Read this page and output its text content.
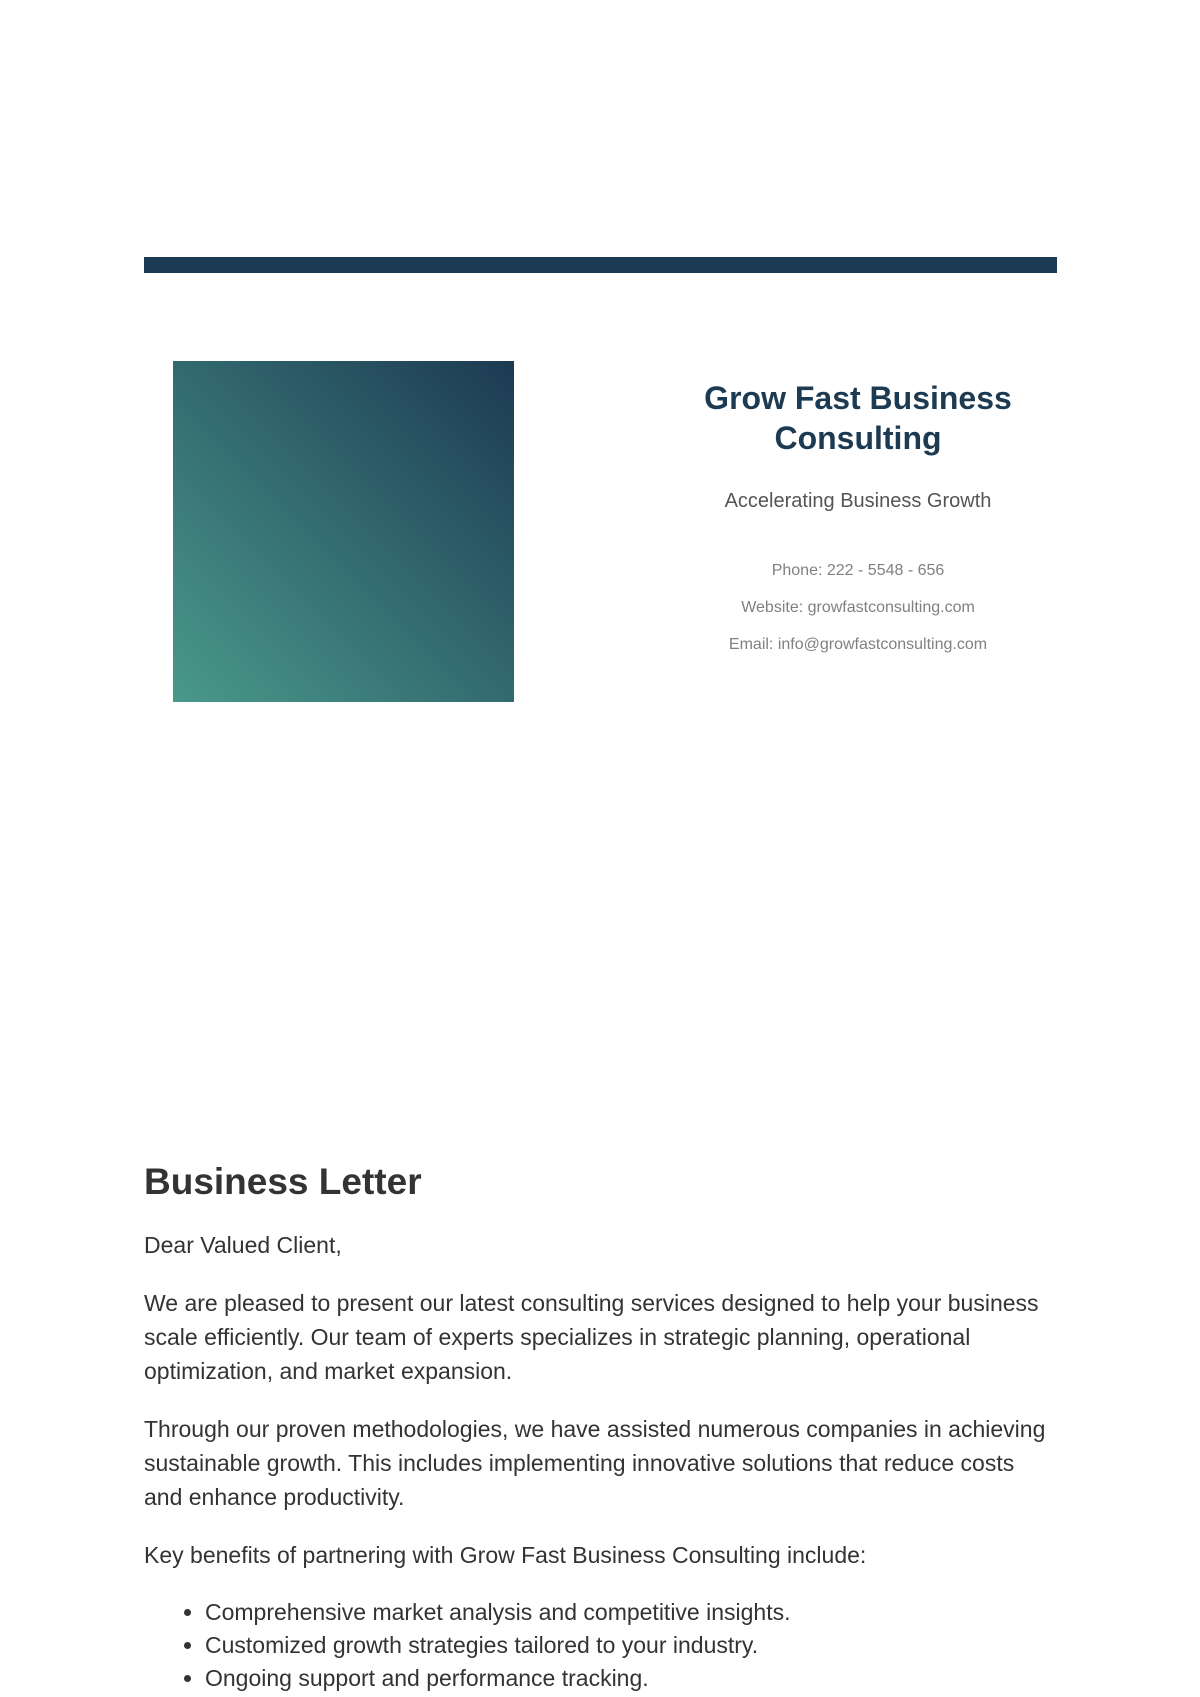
Grow Fast Business Consulting
Accelerating Business Growth
Phone: 222 - 5548 - 656
Website: growfastconsulting.com
Email: info@growfastconsulting.com
Business Letter

Dear Valued Client,

We are pleased to present our latest consulting services designed to help your business scale efficiently. Our team of experts specializes in strategic planning, operational optimization, and market expansion.

Through our proven methodologies, we have assisted numerous companies in achieving sustainable growth. This includes implementing innovative solutions that reduce costs and enhance productivity.

Key benefits of partnering with Grow Fast Business Consulting include:

• Comprehensive market analysis and competitive insights.
• Customized growth strategies tailored to your industry.
• Ongoing support and performance tracking.
